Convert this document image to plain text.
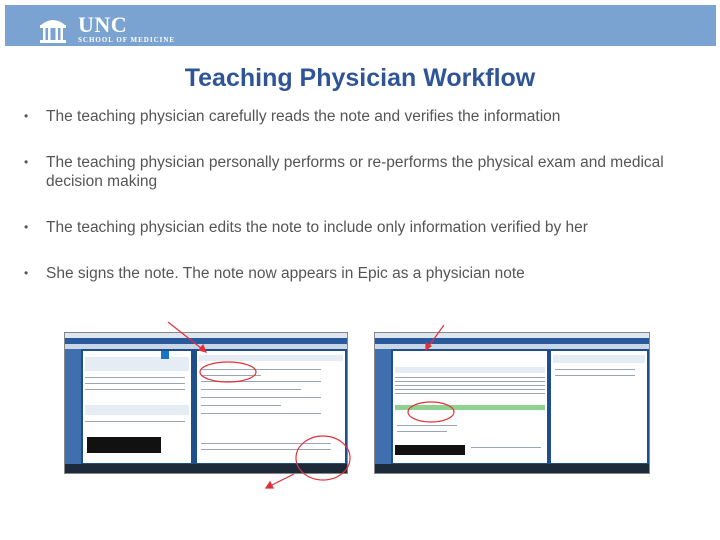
UNC
SCHOOL OF MEDICINE
Teaching Physician Workflow
• The teaching physician carefully reads the note and verifies the information
• The teaching physician personally performs or re-performs the physical exam and medical decision making
• The teaching physician edits the note to include only information verified by her
• She signs the note. The note now appears in Epic as a physician note
